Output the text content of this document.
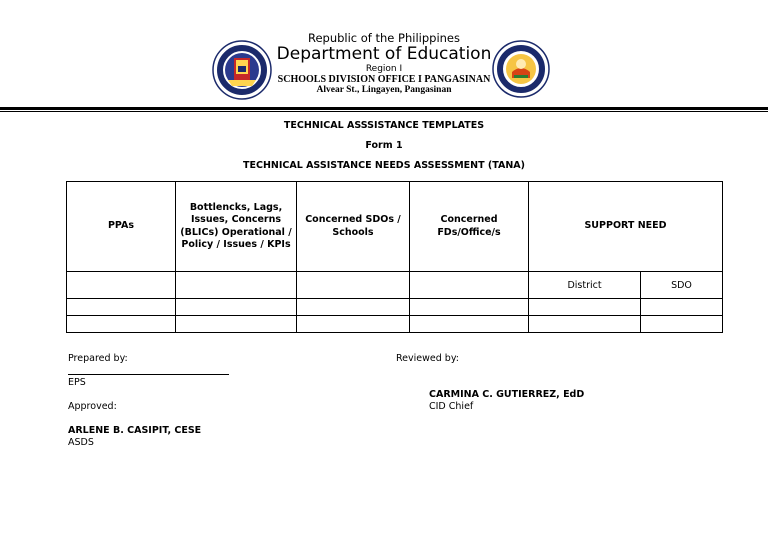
Republic of the Philippines
Department of Education
Region I
SCHOOLS DIVISION OFFICE I PANGASINAN
Alvear St., Lingayen, Pangasinan
TECHNICAL ASSSISTANCE TEMPLATES
Form 1
TECHNICAL ASSISTANCE NEEDS ASSESSMENT (TANA)
PPAs	Bottlencks, Lags, Issues, Concerns (BLICs) Operational / Policy / Issues / KPIs	Concerned SDOs / Schools	Concerned FDs/Office/s	SUPPORT NEED	
				District	SDO

Prepared by:
EPS
Reviewed by:
CARMINA C. GUTIERREZ, EdD
CID Chief
Approved:
ARLENE B. CASIPIT, CESE
ASDS
